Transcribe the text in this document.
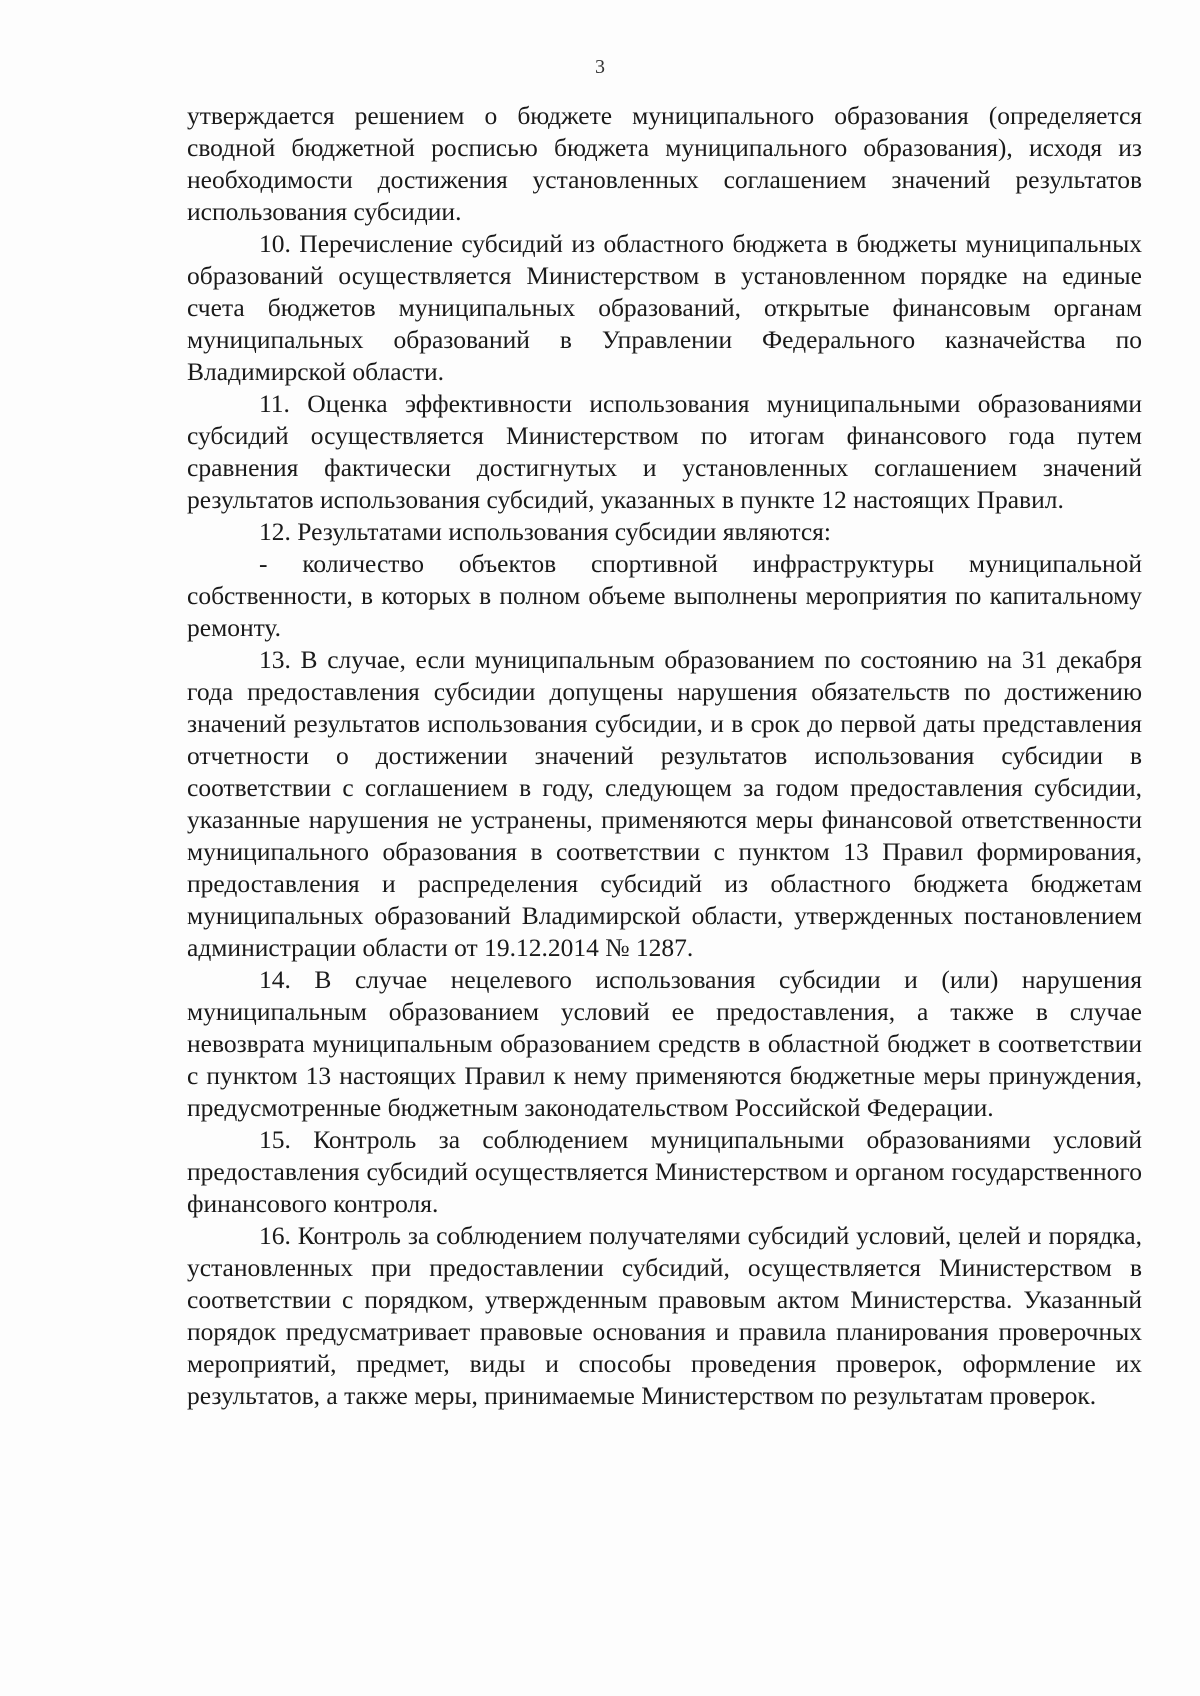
3

утверждается решением о бюджете муниципального образования (определяется сводной бюджетной росписью бюджета муниципального образования), исходя из необходимости достижения установленных соглашением значений результатов использования субсидии.

10. Перечисление субсидий из областного бюджета в бюджеты муниципальных образований осуществляется Министерством в установленном порядке на единые счета бюджетов муниципальных образований, открытые финансовым органам муниципальных образований в Управлении Федерального казначейства по Владимирской области.

11. Оценка эффективности использования муниципальными образованиями субсидий осуществляется Министерством по итогам финансового года путем сравнения фактически достигнутых и установленных соглашением значений результатов использования субсидий, указанных в пункте 12 настоящих Правил.

12. Результатами использования субсидии являются:

- количество объектов спортивной инфраструктуры муниципальной собственности, в которых в полном объеме выполнены мероприятия по капитальному ремонту.

13. В случае, если муниципальным образованием по состоянию на 31 декабря года предоставления субсидии допущены нарушения обязательств по достижению значений результатов использования субсидии, и в срок до первой даты представления отчетности о достижении значений результатов использования субсидии в соответствии с соглашением в году, следующем за годом предоставления субсидии, указанные нарушения не устранены, применяются меры финансовой ответственности муниципального образования в соответствии с пунктом 13 Правил формирования, предоставления и распределения субсидий из областного бюджета бюджетам муниципальных образований Владимирской области, утвержденных постановлением администрации области от 19.12.2014 № 1287.

14. В случае нецелевого использования субсидии и (или) нарушения муниципальным образованием условий ее предоставления, а также в случае невозврата муниципальным образованием средств в областной бюджет в соответствии с пунктом 13 настоящих Правил к нему применяются бюджетные меры принуждения, предусмотренные бюджетным законодательством Российской Федерации.

15. Контроль за соблюдением муниципальными образованиями условий предоставления субсидий осуществляется Министерством и органом государственного финансового контроля.

16. Контроль за соблюдением получателями субсидий условий, целей и порядка, установленных при предоставлении субсидий, осуществляется Министерством в соответствии с порядком, утвержденным правовым актом Министерства. Указанный порядок предусматривает правовые основания и правила планирования проверочных мероприятий, предмет, виды и способы проведения проверок, оформление их результатов, а также меры, принимаемые Министерством по результатам проверок.
